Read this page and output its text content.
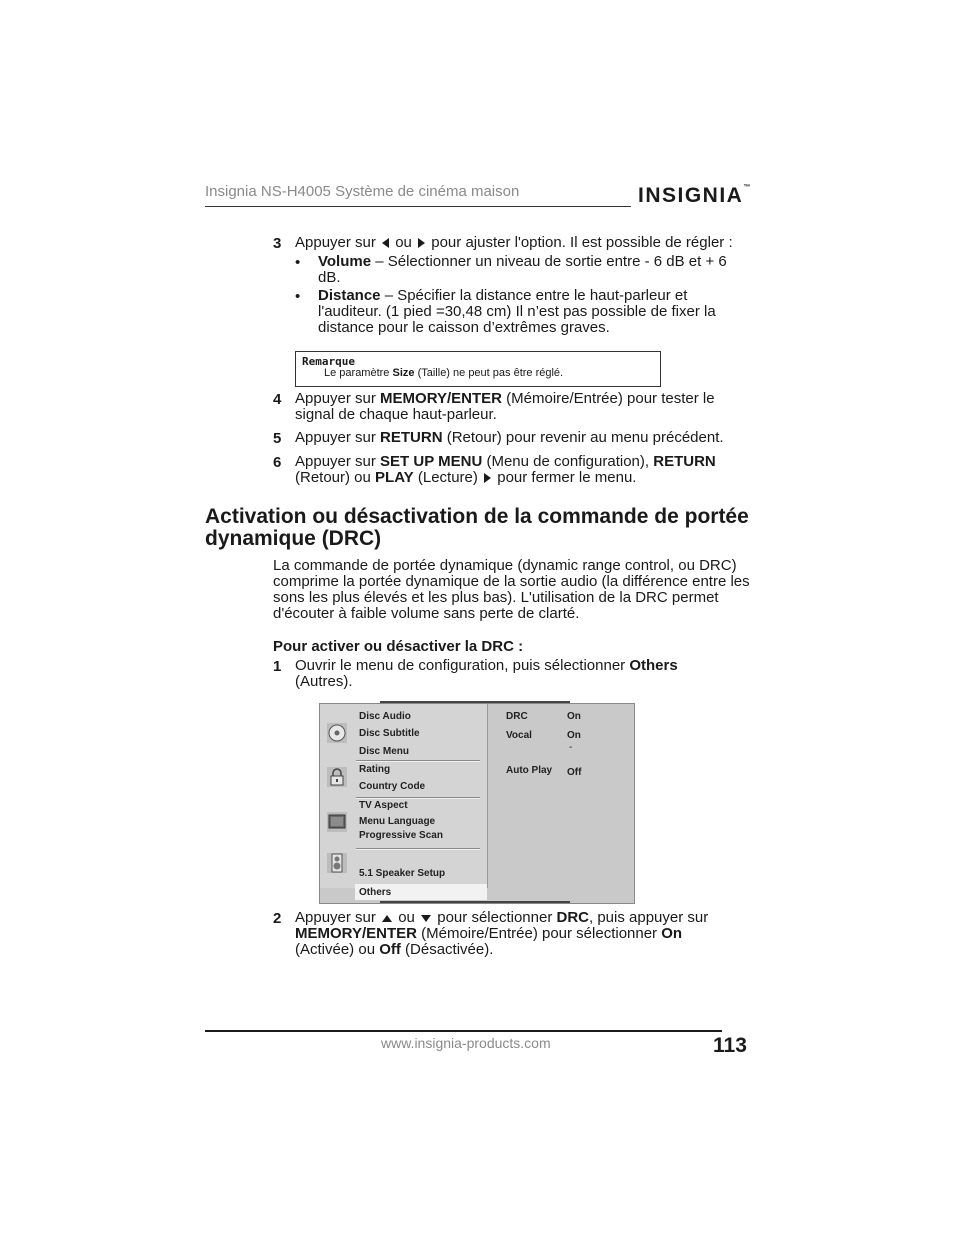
Insignia NS-H4005 Système de cinéma maison	INSIGNIA™
3 Appuyer sur ou pour ajuster l'option. Il est possible de régler :
• Volume – Sélectionner un niveau de sortie entre - 6 dB et + 6 dB.
• Distance – Spécifier la distance entre le haut-parleur et l'auditeur. (1 pied =30,48 cm) Il n’est pas possible de fixer la distance pour le caisson d’extrêmes graves.
Remarque
Le paramètre Size (Taille) ne peut pas être réglé.
4 Appuyer sur MEMORY/ENTER (Mémoire/Entrée) pour tester le signal de chaque haut-parleur.
5 Appuyer sur RETURN (Retour) pour revenir au menu précédent.
6 Appuyer sur SET UP MENU (Menu de configuration), RETURN (Retour) ou PLAY (Lecture)  pour fermer le menu.
Activation ou désactivation de la commande de portée dynamique (DRC)
La commande de portée dynamique (dynamic range control, ou DRC) comprime la portée dynamique de la sortie audio (la différence entre les sons les plus élevés et les plus bas). L'utilisation de la DRC permet d'écouter à faible volume sans perte de clarté.
Pour activer ou désactiver la DRC :
1 Ouvrir le menu de configuration, puis sélectionner Others (Autres).
Disc Audio
Disc Subtitle
Disc Menu
Rating
Country Code
TV Aspect
Menu Language
Progressive Scan
5.1 Speaker Setup
Others
DRC	On
Vocal	On
-
Auto Play Off
2 Appuyer sur ou pour sélectionner DRC, puis appuyer sur MEMORY/ENTER (Mémoire/Entrée) pour sélectionner On (Activée) ou Off (Désactivée).
www.insignia-products.com	113
